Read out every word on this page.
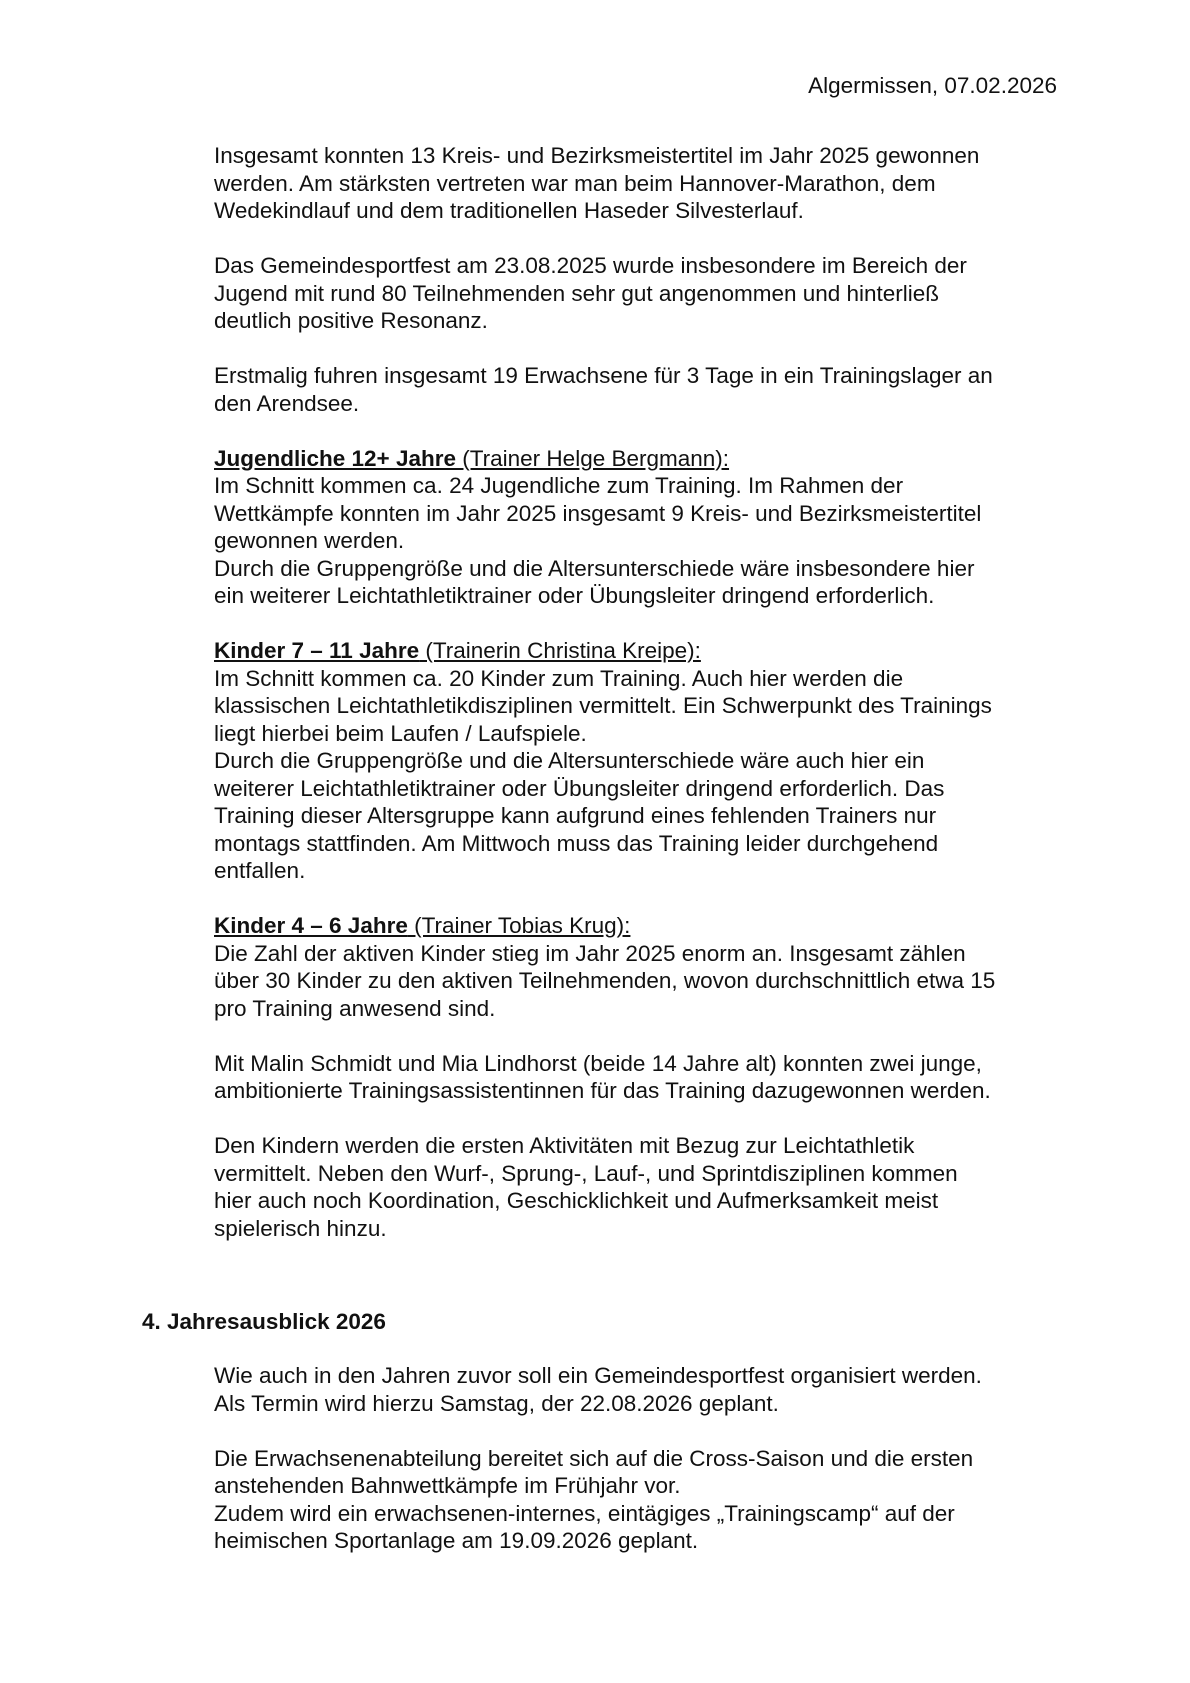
Algermissen, 07.02.2026

Insgesamt konnten 13 Kreis- und Bezirksmeistertitel im Jahr 2025 gewonnen

werden. Am stärksten vertreten war man beim Hannover-Marathon, dem

Wedekindlauf und dem traditionellen Haseder Silvesterlauf.

Das Gemeindesportfest am 23.08.2025 wurde insbesondere im Bereich der

Jugend mit rund 80 Teilnehmenden sehr gut angenommen und hinterließ

deutlich positive Resonanz.

Erstmalig fuhren insgesamt 19 Erwachsene für 3 Tage in ein Trainingslager an

den Arendsee.

Jugendliche 12+ Jahre (Trainer Helge Bergmann):

Im Schnitt kommen ca. 24 Jugendliche zum Training. Im Rahmen der

Wettkämpfe konnten im Jahr 2025 insgesamt 9 Kreis- und Bezirksmeistertitel

gewonnen werden.

Durch die Gruppengröße und die Altersunterschiede wäre insbesondere hier

ein weiterer Leichtathletiktrainer oder Übungsleiter dringend erforderlich.

Kinder 7 – 11 Jahre (Trainerin Christina Kreipe):

Im Schnitt kommen ca. 20 Kinder zum Training. Auch hier werden die

klassischen Leichtathletikdisziplinen vermittelt. Ein Schwerpunkt des Trainings

liegt hierbei beim Laufen / Laufspiele.

Durch die Gruppengröße und die Altersunterschiede wäre auch hier ein

weiterer Leichtathletiktrainer oder Übungsleiter dringend erforderlich. Das

Training dieser Altersgruppe kann aufgrund eines fehlenden Trainers nur

montags stattfinden. Am Mittwoch muss das Training leider durchgehend

entfallen.

Kinder 4 – 6 Jahre (Trainer Tobias Krug):

Die Zahl der aktiven Kinder stieg im Jahr 2025 enorm an. Insgesamt zählen

über 30 Kinder zu den aktiven Teilnehmenden, wovon durchschnittlich etwa 15

pro Training anwesend sind.

Mit Malin Schmidt und Mia Lindhorst (beide 14 Jahre alt) konnten zwei junge,

ambitionierte Trainingsassistentinnen für das Training dazugewonnen werden.

Den Kindern werden die ersten Aktivitäten mit Bezug zur Leichtathletik

vermittelt. Neben den Wurf-, Sprung-, Lauf-, und Sprintdisziplinen kommen

hier auch noch Koordination, Geschicklichkeit und Aufmerksamkeit meist

spielerisch hinzu.

4. Jahresausblick 2026

Wie auch in den Jahren zuvor soll ein Gemeindesportfest organisiert werden.

Als Termin wird hierzu Samstag, der 22.08.2026 geplant.

Die Erwachsenenabteilung bereitet sich auf die Cross-Saison und die ersten

anstehenden Bahnwettkämpfe im Frühjahr vor.

Zudem wird ein erwachsenen-internes, eintägiges „Trainingscamp“ auf der

heimischen Sportanlage am 19.09.2026 geplant.
